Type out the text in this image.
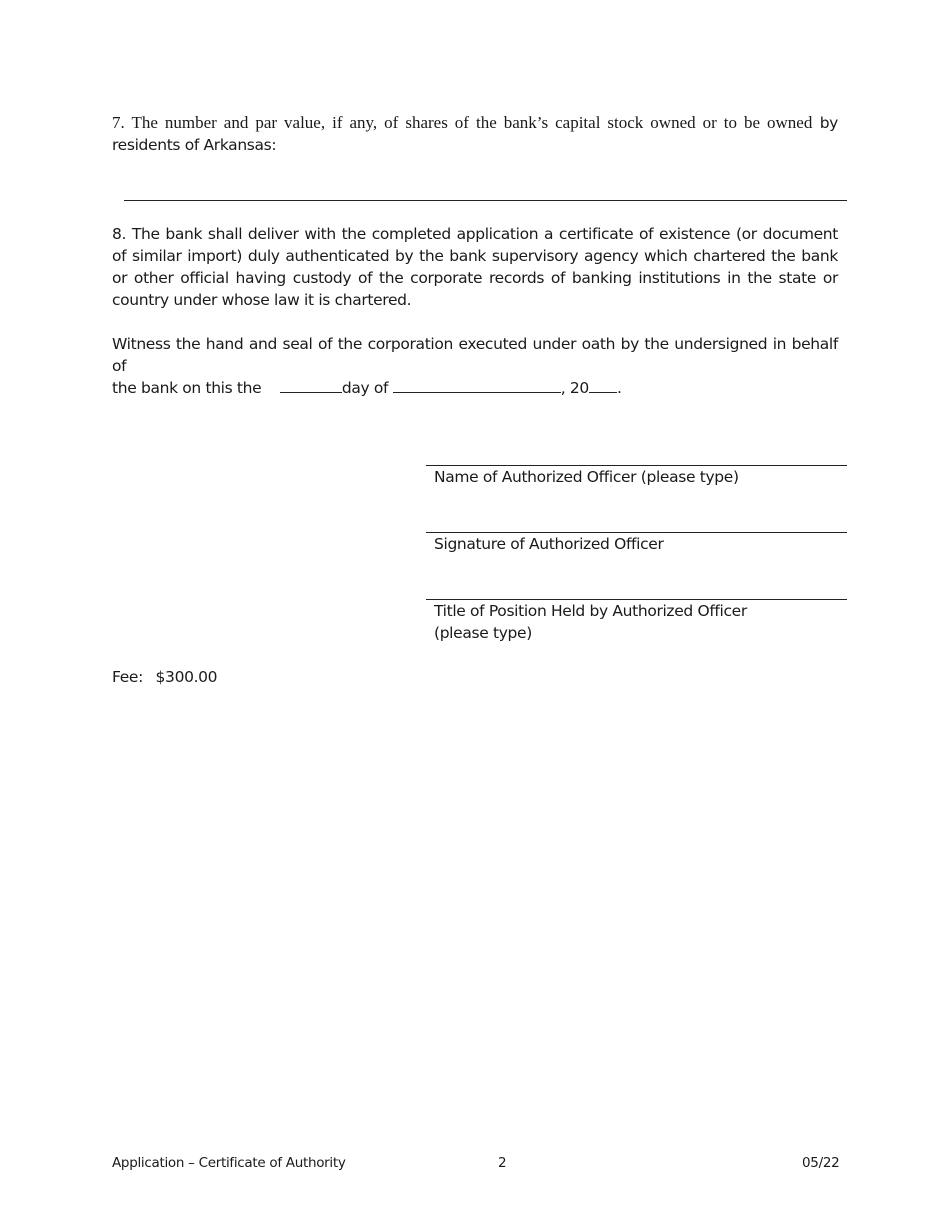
7. The number and par value, if any, of shares of the bank’s capital stock owned or to be owned by residents of Arkansas:

8. The bank shall deliver with the completed application a certificate of existence (or document of similar import) duly authenticated by the bank supervisory agency which chartered the bank or other official having custody of the corporate records of banking institutions in the state or country under whose law it is chartered.

Witness the hand and seal of the corporation executed under oath by the undersigned in behalf of
the bank on this the	day of	, 20 .

Name of Authorized Officer (please type)

Signature of Authorized Officer

Title of Position Held by Authorized Officer

(please type)

Fee: $300.00

Application – Certificate of Authority	2	05/22
